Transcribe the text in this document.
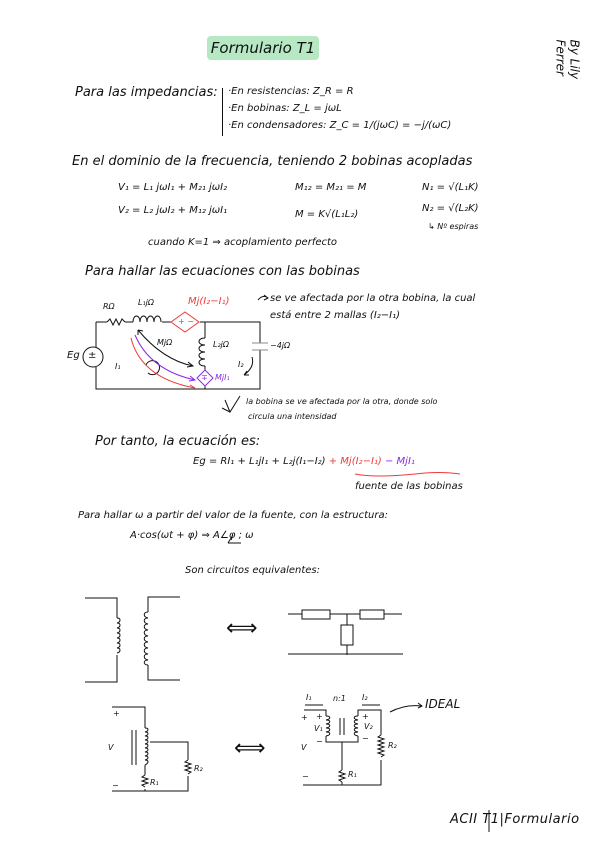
Formulario T1	By Lily Ferrer
Para las impedancias: ·En resistencias: Z_R = R
·En bobinas: Z_L = jωL
·En condensadores: Z_C = 1/(jωC) = −j/(ωC)
En el dominio de la frecuencia, teniendo 2 bobinas acopladas
V₁ = L₁ jωI₁ + M₂₁ jωI₂
V₂ = L₂ jωI₂ + M₁₂ jωI₁
M₁₂ = M₂₁ = M
M = K√(L₁L₂)
N₁ = √(L₁K)
N₂ = √(L₂K)
↳ Nº espiras
cuando K=1 ⇒ acoplamiento perfecto
Para hallar las ecuaciones con las bobinas
RΩ	L₁jΩ	Mj(I₂−I₁)
+ −
MjΩ	L₂jΩ	−4jΩ
Eg ±
I₁	I₂
∓ MjI₁
se ve afectada por la otra bobina, la cual
está entre 2 mallas (I₂−I₁)
la bobina se ve afectada por la otra, donde solo
circula una intensidad
Por tanto, la ecuación es:
Eg = RI₁ + L₁jI₁ + L₂j(I₁−I₂) + Mj(I₂−I₁) − MjI₁
fuente de las bobinas
Para hallar ω a partir del valor de la fuente, con la estructura:
A·cos(ωt + φ) ⇒ A∠φ ; ω
Son circuitos equivalentes:
⟺
⟺
+
V
−	R₁
R₂
I₁	n:1 I₂	IDEAL
+
V
−
+
V₁
−
+
V₂
−
R₁
R₂
ACII T1|Formulario
